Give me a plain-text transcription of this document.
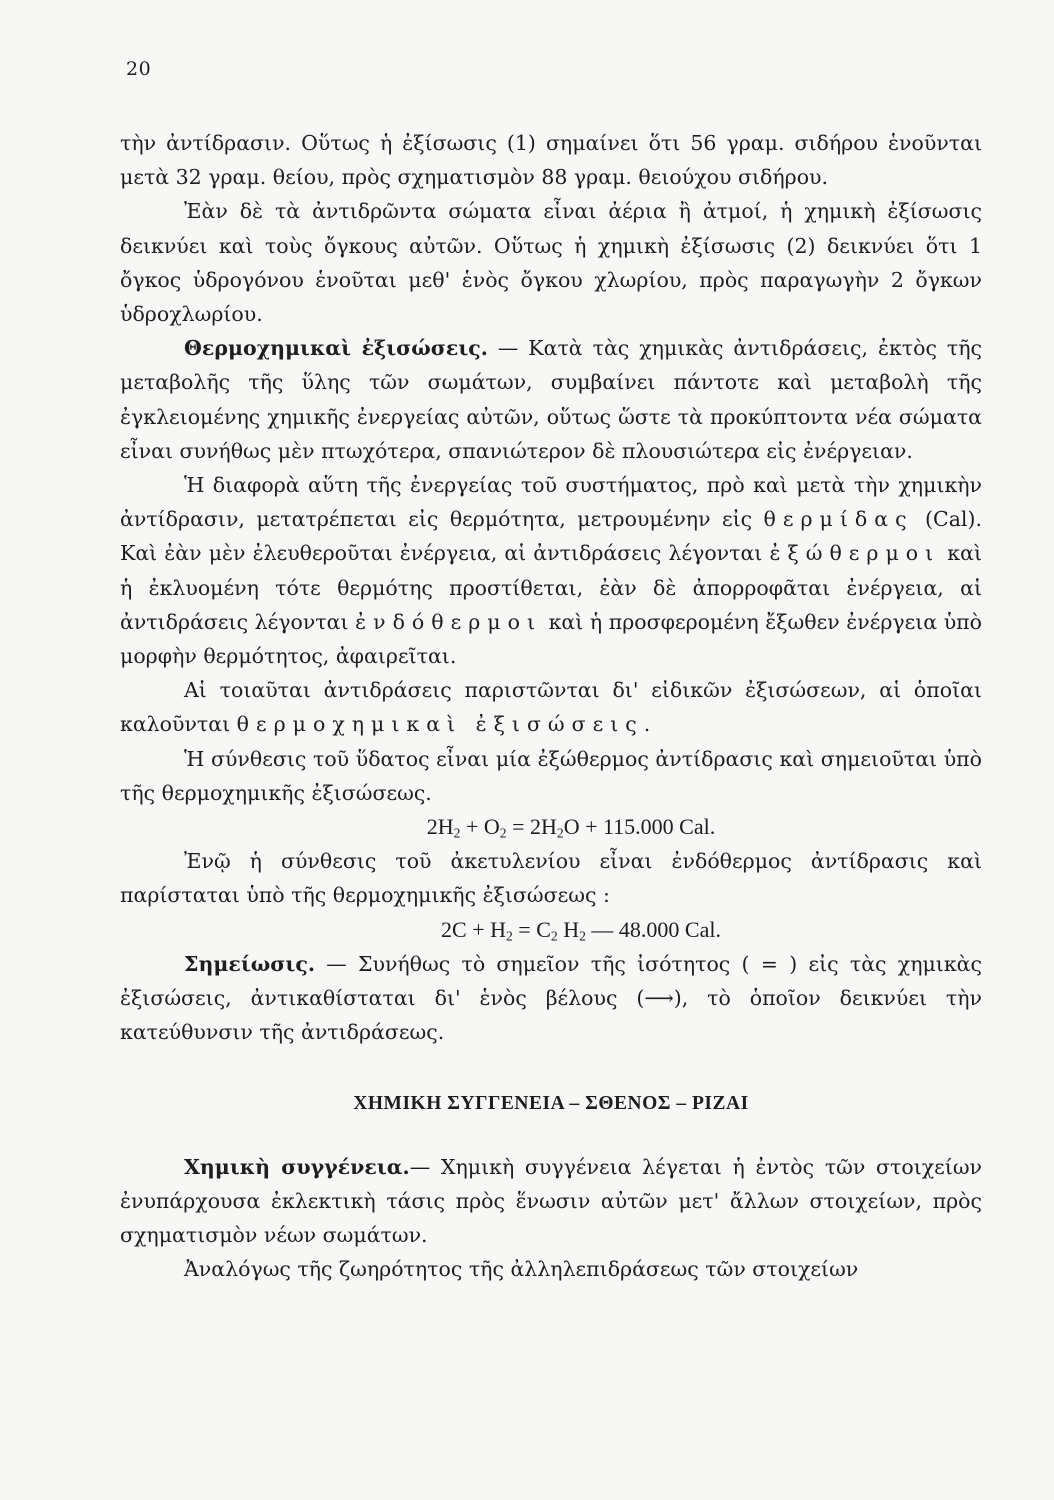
20

τὴν ἀντίδρασιν. Οὕτως ἡ ἐξίσωσις (1) σημαίνει ὅτι 56 γραμ. σιδήρου ἑνοῦνται μετὰ 32 γραμ. θείου, πρὸς σχηματισμὸν 88 γραμ. θειούχου σιδήρου.

Ἐὰν δὲ τὰ ἀντιδρῶντα σώματα εἶναι ἀέρια ἢ ἀτμοί, ἡ χημικὴ ἐξίσωσις δεικνύει καὶ τοὺς ὄγκους αὐτῶν. Οὕτως ἡ χημικὴ ἐξίσωσις (2) δεικνύει ὅτι 1 ὄγκος ὑδρογόνου ἑνοῦται μεθ' ἑνὸς ὄγκου χλωρίου, πρὸς παραγωγὴν 2 ὄγκων ὑδροχλωρίου.

Θερμοχημικαὶ ἐξισώσεις. — Κατὰ τὰς χημικὰς ἀντιδράσεις, ἐκτὸς τῆς μεταβολῆς τῆς ὕλης τῶν σωμάτων, συμβαίνει πάντοτε καὶ μεταβολὴ τῆς ἐγκλειομένης χημικῆς ἐνεργείας αὐτῶν, οὕτως ὥστε τὰ προκύπτοντα νέα σώματα εἶναι συνήθως μὲν πτωχότερα, σπανιώτερον δὲ πλουσιώτερα εἰς ἐνέργειαν.

Ἡ διαφορὰ αὕτη τῆς ἐνεργείας τοῦ συστήματος, πρὸ καὶ μετὰ τὴν χημικὴν ἀντίδρασιν, μετατρέπεται εἰς θερμότητα, μετρουμένην εἰς θερμίδας (Cal). Καὶ ἐὰν μὲν ἐλευθεροῦται ἐνέργεια, αἱ ἀντιδράσεις λέγονται ἐξώθερμοι καὶ ἡ ἐκλυομένη τότε θερμότης προστίθεται, ἐὰν δὲ ἀπορροφᾶται ἐνέργεια, αἱ ἀντιδράσεις λέγονται ἐνδόθερμοι καὶ ἡ προσφερομένη ἔξωθεν ἐνέργεια ὑπὸ μορφὴν θερμότητος, ἀφαιρεῖται.

Αἱ τοιαῦται ἀντιδράσεις παριστῶνται δι' εἰδικῶν ἐξισώσεων, αἱ ὁποῖαι καλοῦνται θερμοχημικαὶ ἐξισώσεις.

Ἡ σύνθεσις τοῦ ὕδατος εἶναι μία ἐξώθερμος ἀντίδρασις καὶ σημειοῦται ὑπὸ τῆς θερμοχημικῆς ἐξισώσεως.

$2H_2 + O_2 = 2H_2O + 115.000$ Cal.

Ἐνῷ ἡ σύνθεσις τοῦ ἀκετυλενίου εἶναι ἐνδόθερμος ἀντίδρασις καὶ παρίσταται ὑπὸ τῆς θερμοχημικῆς ἐξισώσεως :

$2C + H_2 = C_2$ $H_2$ — 48.000 Cal.

Σημείωσις. — Συνήθως τὸ σημεῖον τῆς ἰσότητος ( = ) εἰς τὰς χημικὰς ἐξισώσεις, ἀντικαθίσταται δι' ἑνὸς βέλους (⟶), τὸ ὁποῖον δεικνύει τὴν κατεύθυνσιν τῆς ἀντιδράσεως.

ΧΗΜΙΚΗ ΣΥΓΓΕΝΕΙΑ – ΣΘΕΝΟΣ – ΡΙΖΑΙ

Χημικὴ συγγένεια.— Χημικὴ συγγένεια λέγεται ἡ ἐντὸς τῶν στοιχείων ἐνυπάρχουσα ἐκλεκτικὴ τάσις πρὸς ἕνωσιν αὐτῶν μετ' ἄλλων στοιχείων, πρὸς σχηματισμὸν νέων σωμάτων.

Ἀναλόγως τῆς ζωηρότητος τῆς ἀλληλεπιδράσεως τῶν στοιχείων
